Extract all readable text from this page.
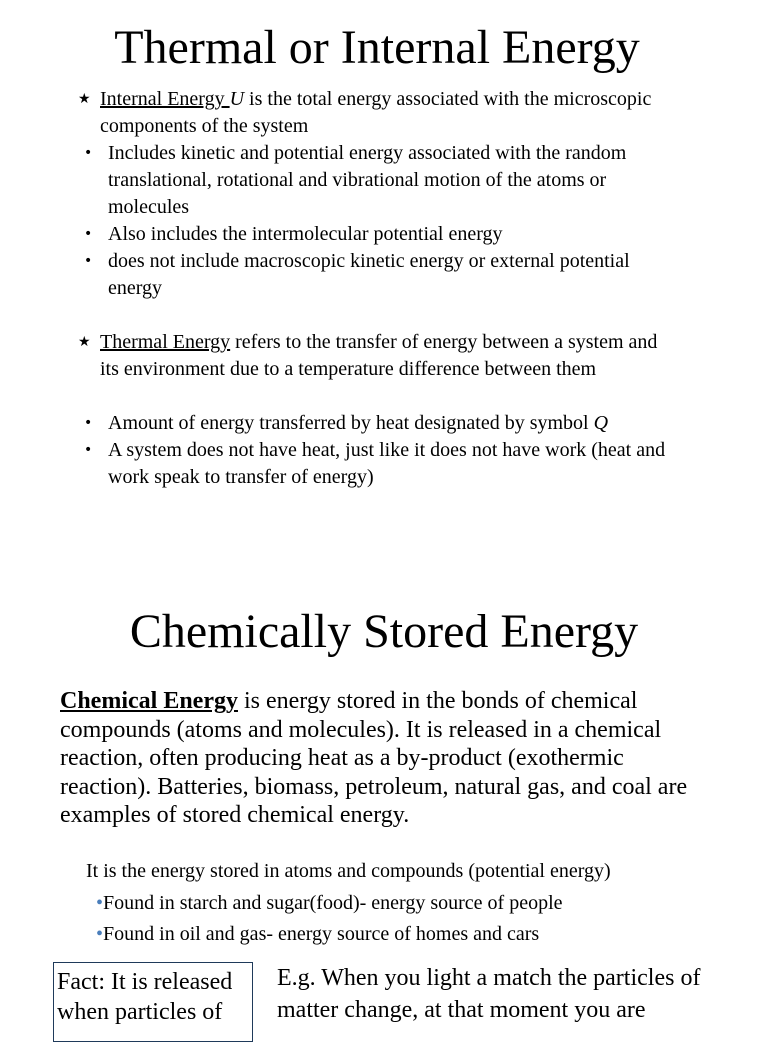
Thermal or Internal Energy
★ Internal Energy U is the total energy associated with the microscopic components of the system
• Includes kinetic and potential energy associated with the random translational, rotational and vibrational motion of the atoms or molecules
• Also includes the intermolecular potential energy
• does not include macroscopic kinetic energy or external potential energy
★ Thermal Energy refers to the transfer of energy between a system and its environment due to a temperature difference between them
• Amount of energy transferred by heat designated by symbol Q
• A system does not have heat, just like it does not have work (heat and work speak to transfer of energy)
Chemically Stored Energy
Chemical Energy is energy stored in the bonds of chemical compounds (atoms and molecules). It is released in a chemical reaction, often producing heat as a by-product (exothermic reaction). Batteries, biomass, petroleum, natural gas, and coal are examples of stored chemical energy.
It is the energy stored in atoms and compounds (potential energy)
•Found in starch and sugar(food)- energy source of people
•Found in oil and gas- energy source of homes and cars
Fact: It is released when particles of
E.g. When you light a match the particles of matter change, at that moment you are
